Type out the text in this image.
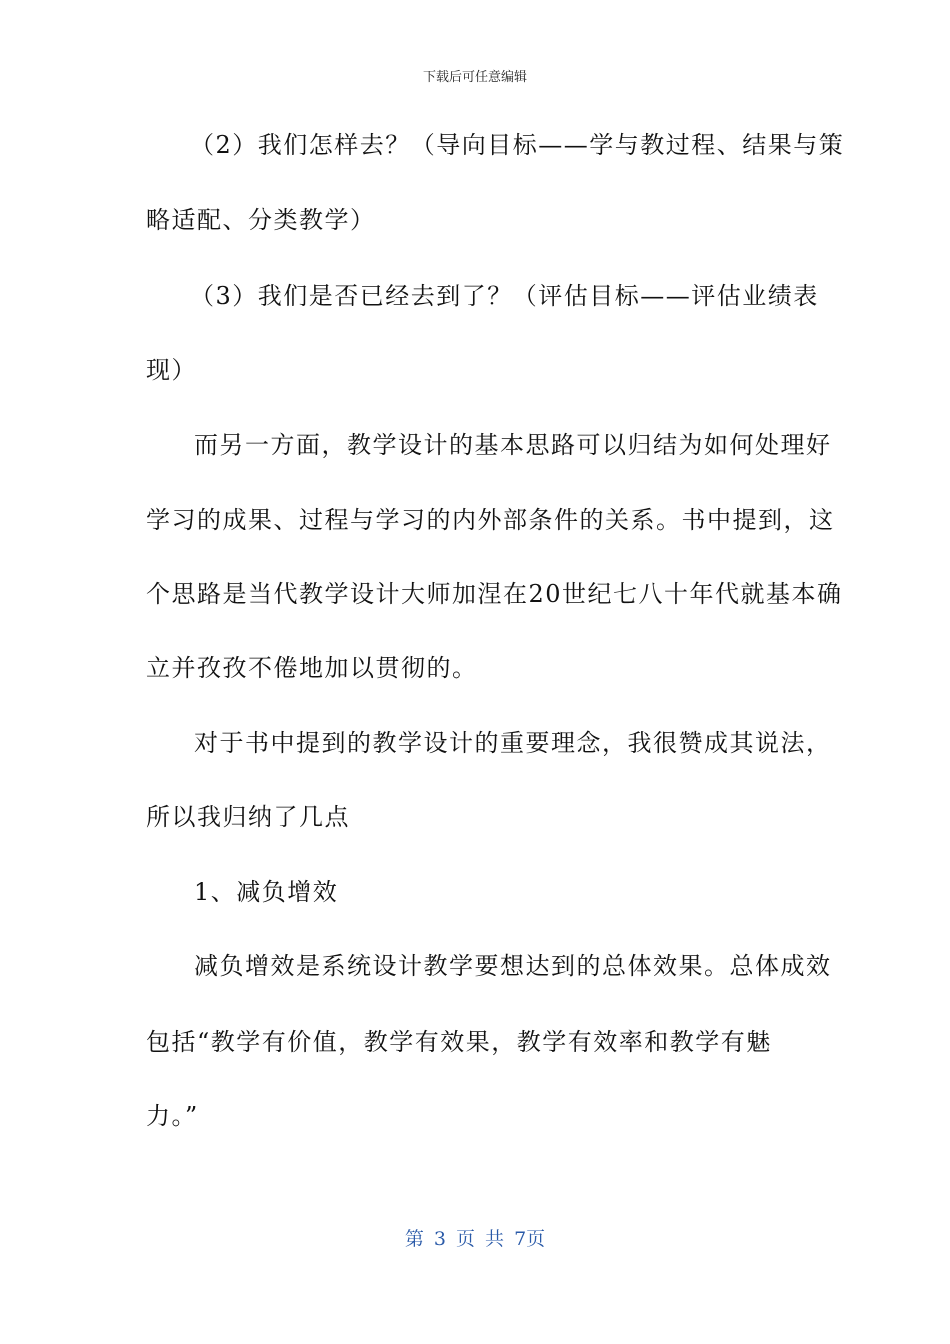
下载后可任意编辑
（2）我们怎样去？（导向目标——学与教过程、结果与策
略适配、分类教学）
（3）我们是否已经去到了？（评估目标——评估业绩表
现）
而另一方面，教学设计的基本思路可以归结为如何处理好
学习的成果、过程与学习的内外部条件的关系。书中提到，这
个思路是当代教学设计大师加涅在20世纪七八十年代就基本确
立并孜孜不倦地加以贯彻的。
对于书中提到的教学设计的重要理念，我很赞成其说法，
所以我归纳了几点
1、减负增效
减负增效是系统设计教学要想达到的总体效果。总体成效
包括“教学有价值，教学有效果，教学有效率和教学有魅
力。”
第 3 页 共 7页
